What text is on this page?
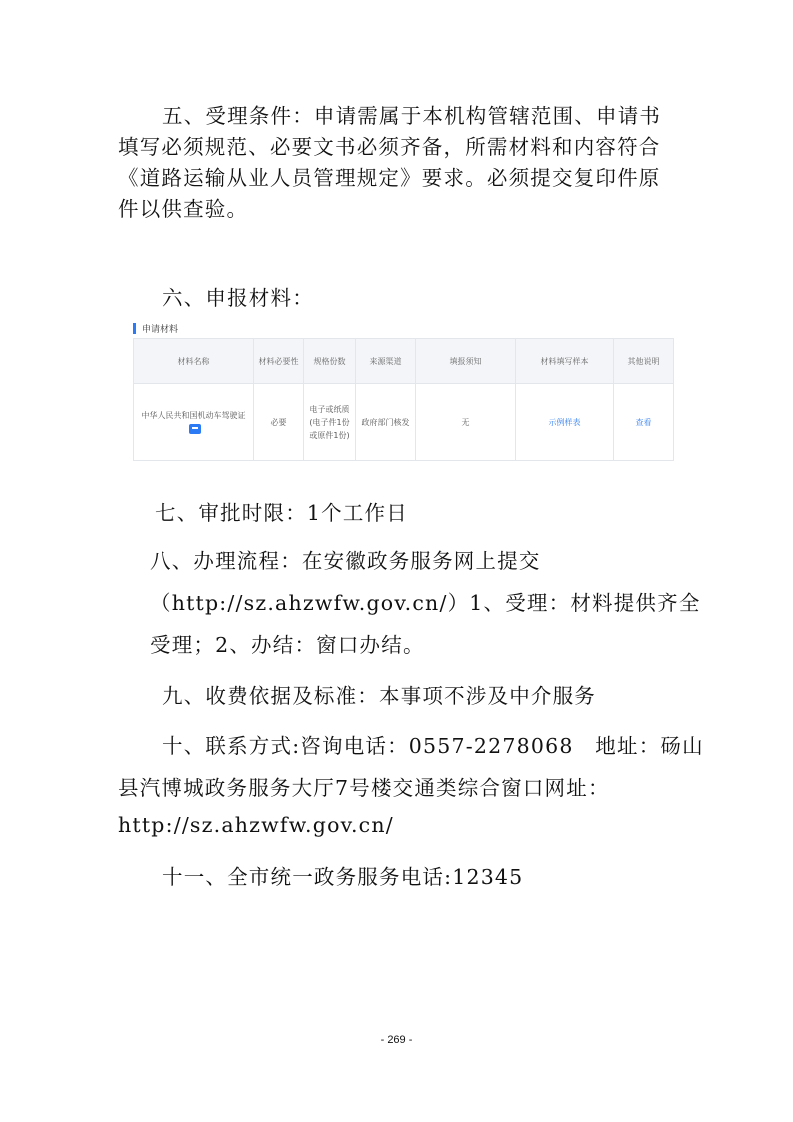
五、受理条件：申请需属于本机构管辖范围、申请书填写必须规范、必要文书必须齐备，所需材料和内容符合《道路运输从业人员管理规定》要求。必须提交复印件原件以供查验。

六、申报材料：
申请材料
材料名称	材料必要性	规格份数	来源渠道	填报须知	材料填写样本	其他说明
中华人民共和国机动车驾驶证	必要	电子或纸质(电子件1份或原件1份)	政府部门核发	无	示例样表	查看
七、审批时限：1个工作日
八、办理流程：在安徽政务服务网上提交
（http://sz.ahzwfw.gov.cn/）1、受理：材料提供齐全
受理；2、办结：窗口办结。
九、收费依据及标准：本事项不涉及中介服务
十、联系方式:咨询电话：0557-2278068　地址：砀山
县汽博城政务服务大厅7号楼交通类综合窗口网址：
http://sz.ahzwfw.gov.cn/
十一、全市统一政务服务电话:12345
- 269 -
